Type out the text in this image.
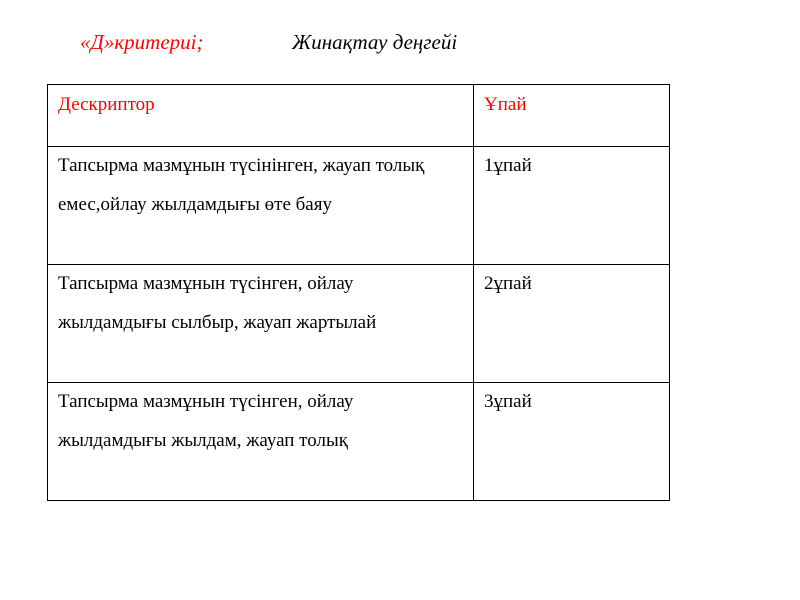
«Д»критериі;	Жинақтау деңгейі
Дескриптор	Ұпай
Тапсырма мазмұнын түсінінген, жауап толық емес,ойлау жылдамдығы өте баяу	1ұпай
Тапсырма мазмұнын түсінген, ойлау жылдамдығы сылбыр, жауап жартылай	2ұпай
Тапсырма мазмұнын түсінген, ойлау жылдамдығы жылдам, жауап толық	3ұпай
